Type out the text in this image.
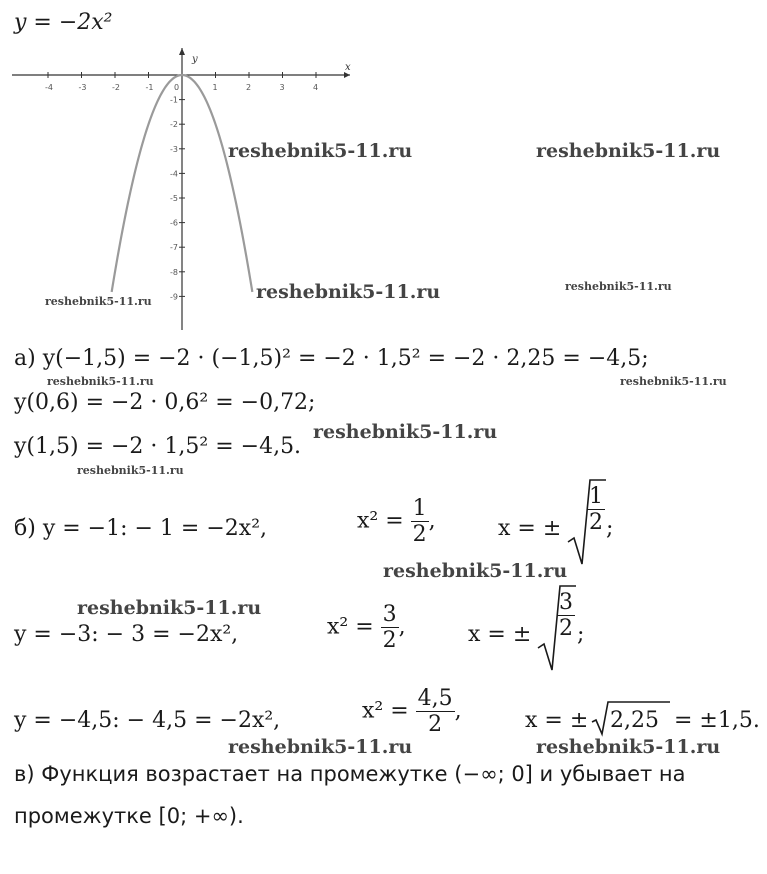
y = −2x²
-4	-3	-2	-1	0	1	2	3	4
-1
-2
-3
-4
-5
-6
-7
-8
-9
x
y
reshebnik5-11.ru	reshebnik5-11.ru
reshebnik5-11.ru	reshebnik5-11.ru	reshebnik5-11.ru
reshebnik5-11.ru	reshebnik5-11.ru
reshebnik5-11.ru
reshebnik5-11.ru
reshebnik5-11.ru
reshebnik5-11.ru
reshebnik5-11.ru	reshebnik5-11.ru
а) y(−1,5) = −2 · (−1,5)² = −2 · 1,5² = −2 · 2,25 = −4,5;
y(0,6) = −2 · 0,6² = −0,72;
y(1,5) = −2 · 1,5² = −4,5.
б) y = −1: − 1 = −2x²,	$x^2 = \frac{1}{2}$ ,	x = ± $\frac{1}{2}$ ;
y = −3: − 3 = −2x²,	$x^2 = \frac{3}{2}$ ,	x = ± $\frac{3}{2}$ ;
y = −4,5: − 4,5 = −2x²,	$x^2 = \frac{4,5}{2}$ ,	x = ± 2,25 = ±1,5.
в) Функция возрастает на промежутке (−∞; 0] и убывает на
промежутке [0; +∞).
